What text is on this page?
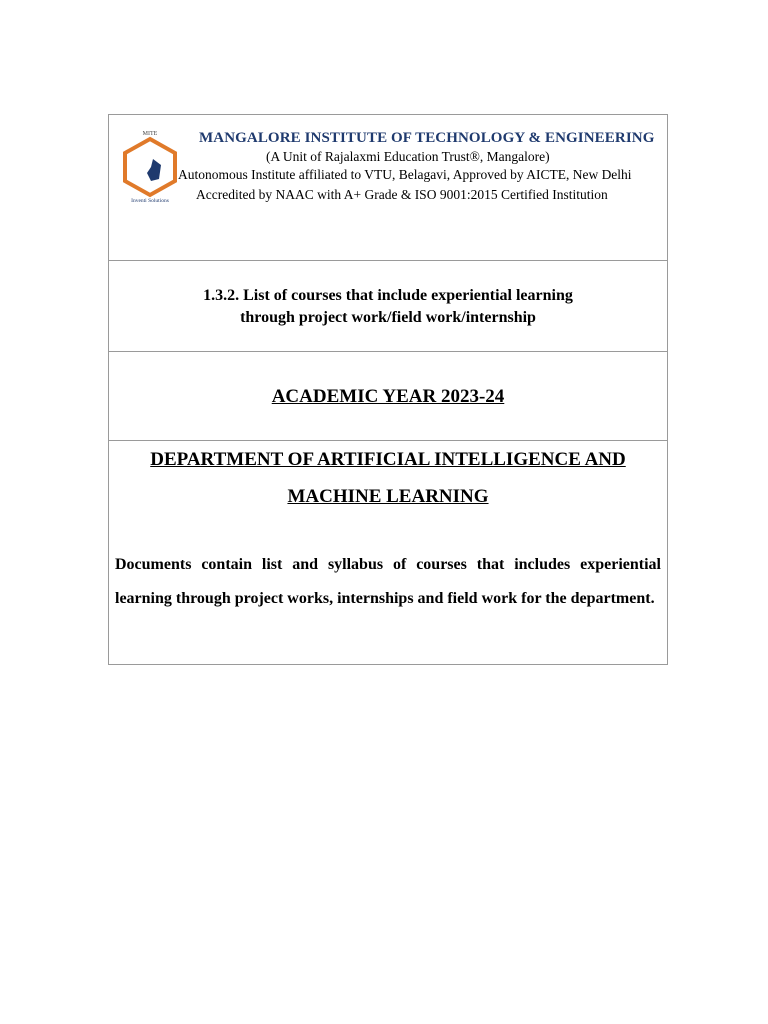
MITE
Inventi Solutions
MANGALORE INSTITUTE OF TECHNOLOGY & ENGINEERING
(A Unit of Rajalaxmi Education Trust®, Mangalore)
Autonomous Institute affiliated to VTU, Belagavi, Approved by AICTE, New Delhi
Accredited by NAAC with A+ Grade & ISO 9001:2015 Certified Institution
1.3.2. List of courses that include experiential learning
through project work/field work/internship
ACADEMIC YEAR 2023-24
DEPARTMENT OF ARTIFICIAL INTELLIGENCE AND
MACHINE LEARNING
Documents contain list and syllabus of courses that includes experiential learning through project works, internships and field work for the department.
